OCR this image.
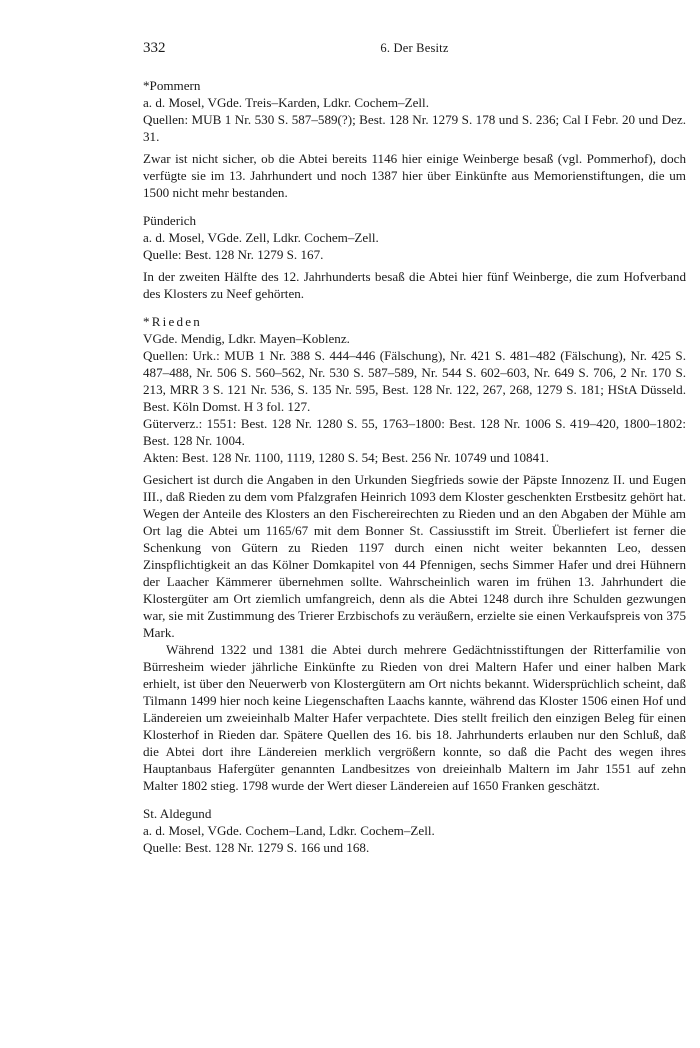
332	6. Der Besitz
*Pommern
a. d. Mosel, VGde. Treis–Karden, Ldkr. Cochem–Zell.
Quellen: MUB 1 Nr. 530 S. 587–589(?); Best. 128 Nr. 1279 S. 178 und S. 236; Cal I Febr. 20 und Dez. 31.
Zwar ist nicht sicher, ob die Abtei bereits 1146 hier einige Weinberge besaß (vgl. Pommerhof), doch verfügte sie im 13. Jahrhundert und noch 1387 hier über Einkünfte aus Memorienstiftungen, die um 1500 nicht mehr bestanden.
Pünderich
a. d. Mosel, VGde. Zell, Ldkr. Cochem–Zell.
Quelle: Best. 128 Nr. 1279 S. 167.
In der zweiten Hälfte des 12. Jahrhunderts besaß die Abtei hier fünf Weinberge, die zum Hofverband des Klosters zu Neef gehörten.
*Rieden
VGde. Mendig, Ldkr. Mayen–Koblenz.
Quellen: Urk.: MUB 1 Nr. 388 S. 444–446 (Fälschung), Nr. 421 S. 481–482 (Fälschung), Nr. 425 S. 487–488, Nr. 506 S. 560–562, Nr. 530 S. 587–589, Nr. 544 S. 602–603, Nr. 649 S. 706, 2 Nr. 170 S. 213, MRR 3 S. 121 Nr. 536, S. 135 Nr. 595, Best. 128 Nr. 122, 267, 268, 1279 S. 181; HStA Düsseld. Best. Köln Domst. H 3 fol. 127.
Güterverz.: 1551: Best. 128 Nr. 1280 S. 55, 1763–1800: Best. 128 Nr. 1006 S. 419–420, 1800–1802: Best. 128 Nr. 1004.
Akten: Best. 128 Nr. 1100, 1119, 1280 S. 54; Best. 256 Nr. 10749 und 10841.
Gesichert ist durch die Angaben in den Urkunden Siegfrieds sowie der Päpste Innozenz II. und Eugen III., daß Rieden zu dem vom Pfalzgrafen Heinrich 1093 dem Kloster geschenkten Erstbesitz gehört hat. Wegen der Anteile des Klosters an den Fischereirechten zu Rieden und an den Abgaben der Mühle am Ort lag die Abtei um 1165/67 mit dem Bonner St. Cassiusstift im Streit. Überliefert ist ferner die Schenkung von Gütern zu Rieden 1197 durch einen nicht weiter bekannten Leo, dessen Zinspflichtigkeit an das Kölner Domkapitel von 44 Pfennigen, sechs Simmer Hafer und drei Hühnern der Laacher Kämmerer übernehmen sollte. Wahrscheinlich waren im frühen 13. Jahrhundert die Klostergüter am Ort ziemlich umfangreich, denn als die Abtei 1248 durch ihre Schulden gezwungen war, sie mit Zustimmung des Trierer Erzbischofs zu veräußern, erzielte sie einen Verkaufspreis von 375 Mark.
Während 1322 und 1381 die Abtei durch mehrere Gedächtnisstiftungen der Ritterfamilie von Bürresheim wieder jährliche Einkünfte zu Rieden von drei Maltern Hafer und einer halben Mark erhielt, ist über den Neuerwerb von Klostergütern am Ort nichts bekannt. Widersprüchlich scheint, daß Tilmann 1499 hier noch keine Liegenschaften Laachs kannte, während das Kloster 1506 einen Hof und Ländereien um zweieinhalb Malter Hafer verpachtete. Dies stellt freilich den einzigen Beleg für einen Klosterhof in Rieden dar. Spätere Quellen des 16. bis 18. Jahrhunderts erlauben nur den Schluß, daß die Abtei dort ihre Ländereien merklich vergrößern konnte, so daß die Pacht des wegen ihres Hauptanbaus Hafergüter genannten Landbesitzes von dreieinhalb Maltern im Jahr 1551 auf zehn Malter 1802 stieg. 1798 wurde der Wert dieser Ländereien auf 1650 Franken geschätzt.
St. Aldegund
a. d. Mosel, VGde. Cochem–Land, Ldkr. Cochem–Zell.
Quelle: Best. 128 Nr. 1279 S. 166 und 168.
